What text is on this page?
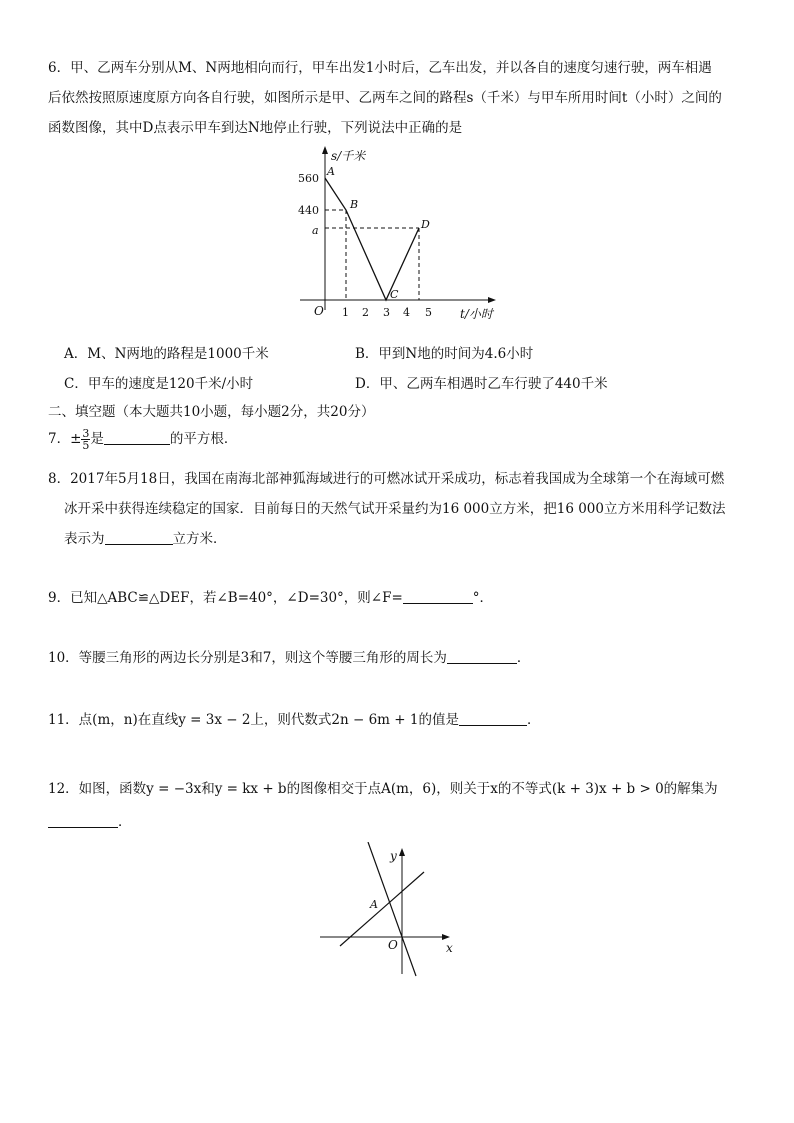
6．甲、乙两车分别从M、N两地相向而行，甲车出发1小时后，乙车出发，并以各自的速度匀速行驶，两车相遇
后依然按照原速度原方向各自行驶，如图所示是甲、乙两车之间的路程s（千米）与甲车所用时间t（小时）之间的
函数图像，其中D点表示甲车到达N地停止行驶，下列说法中正确的是
s/千米
t/小时
O
560
440
a
1 2 3 4 5
A
B
C
D
A．M、N两地的路程是1000千米	B．甲到N地的时间为4.6小时
C．甲车的速度是120千米/小时	D．甲、乙两车相遇时乙车行驶了440千米
二、填空题（本大题共10小题，每小题2分，共20分）
7．± $\frac{3}{5}$ 是	的平方根．
8．2017年5月18日，我国在南海北部神狐海域进行的可燃冰试开采成功，标志着我国成为全球第一个在海域可燃
冰开采中获得连续稳定的国家．目前每日的天然气试开采量约为16 000立方米，把16 000立方米用科学记数法
表示为	立方米．
9．已知△ABC≌△DEF，若∠B=40°，∠D=30°，则∠F=	°．
10．等腰三角形的两边长分别是3和7，则这个等腰三角形的周长为	．
11．点(m，n)在直线y = 3x − 2上，则代数式2n − 6m + 1的值是	．
12．如图，函数y = −3x和y = kx + b的图像相交于点A(m，6)，则关于x的不等式(k + 3)x + b > 0的解集为
．
y
x
O
A
